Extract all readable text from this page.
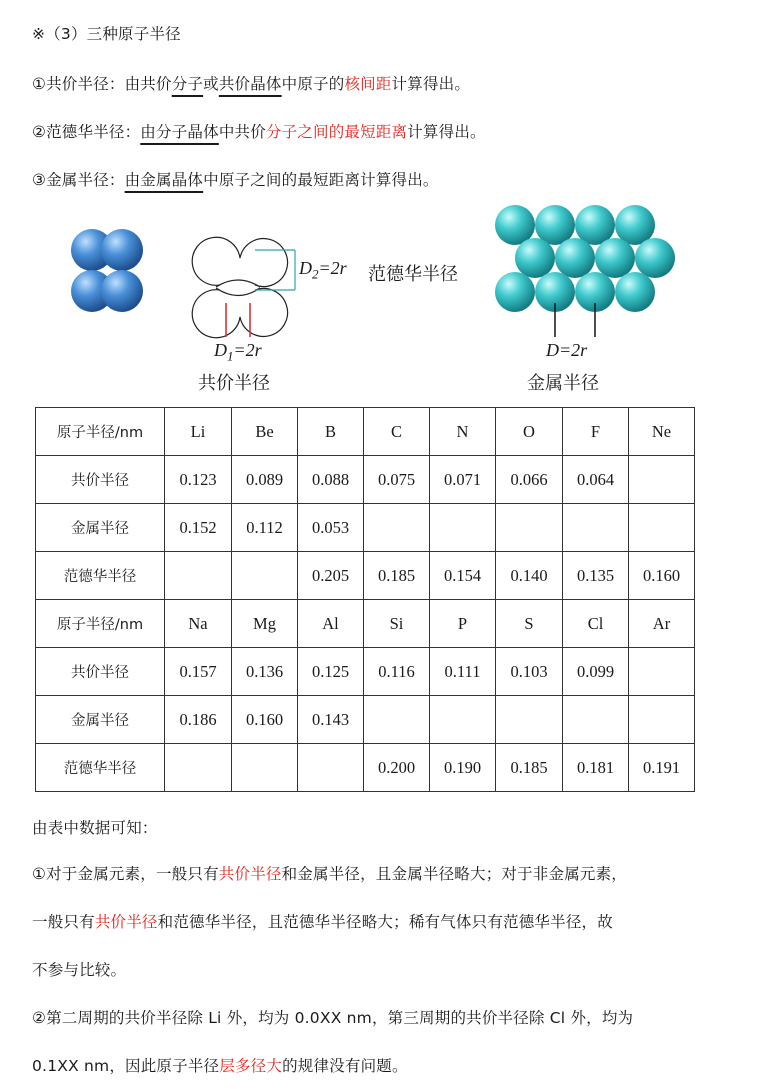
※（3）三种原子半径
①共价半径：由共价分子或共价晶体中原子的核间距计算得出。
②范德华半径：由分子晶体中共价分子之间的最短距离计算得出。
③金属半径：由金属晶体中原子之间的最短距离计算得出。
$D_2=2r$ 范德华半径
$D_1=2r$
共价半径
D=2r
金属半径
原子半径/nm	Li	Be	B	C	N	O	F	Ne
共价半径	0.123	0.089	0.088	0.075	0.071	0.066	0.064	
金属半径	0.152	0.112	0.053					
范德华半径			0.205	0.185	0.154	0.140	0.135	0.160
原子半径/nm	Na	Mg	Al	Si	P	S	Cl	Ar
共价半径	0.157	0.136	0.125	0.116	0.111	0.103	0.099	
金属半径	0.186	0.160	0.143					
范德华半径				0.200	0.190	0.185	0.181	0.191
由表中数据可知：
①对于金属元素，一般只有共价半径和金属半径，且金属半径略大；对于非金属元素，
一般只有共价半径和范德华半径，且范德华半径略大；稀有气体只有范德华半径，故
不参与比较。
②第二周期的共价半径除 Li 外，均为 0.0XX nm，第三周期的共价半径除 Cl 外，均为
0.1XX nm，因此原子半径层多径大的规律没有问题。
